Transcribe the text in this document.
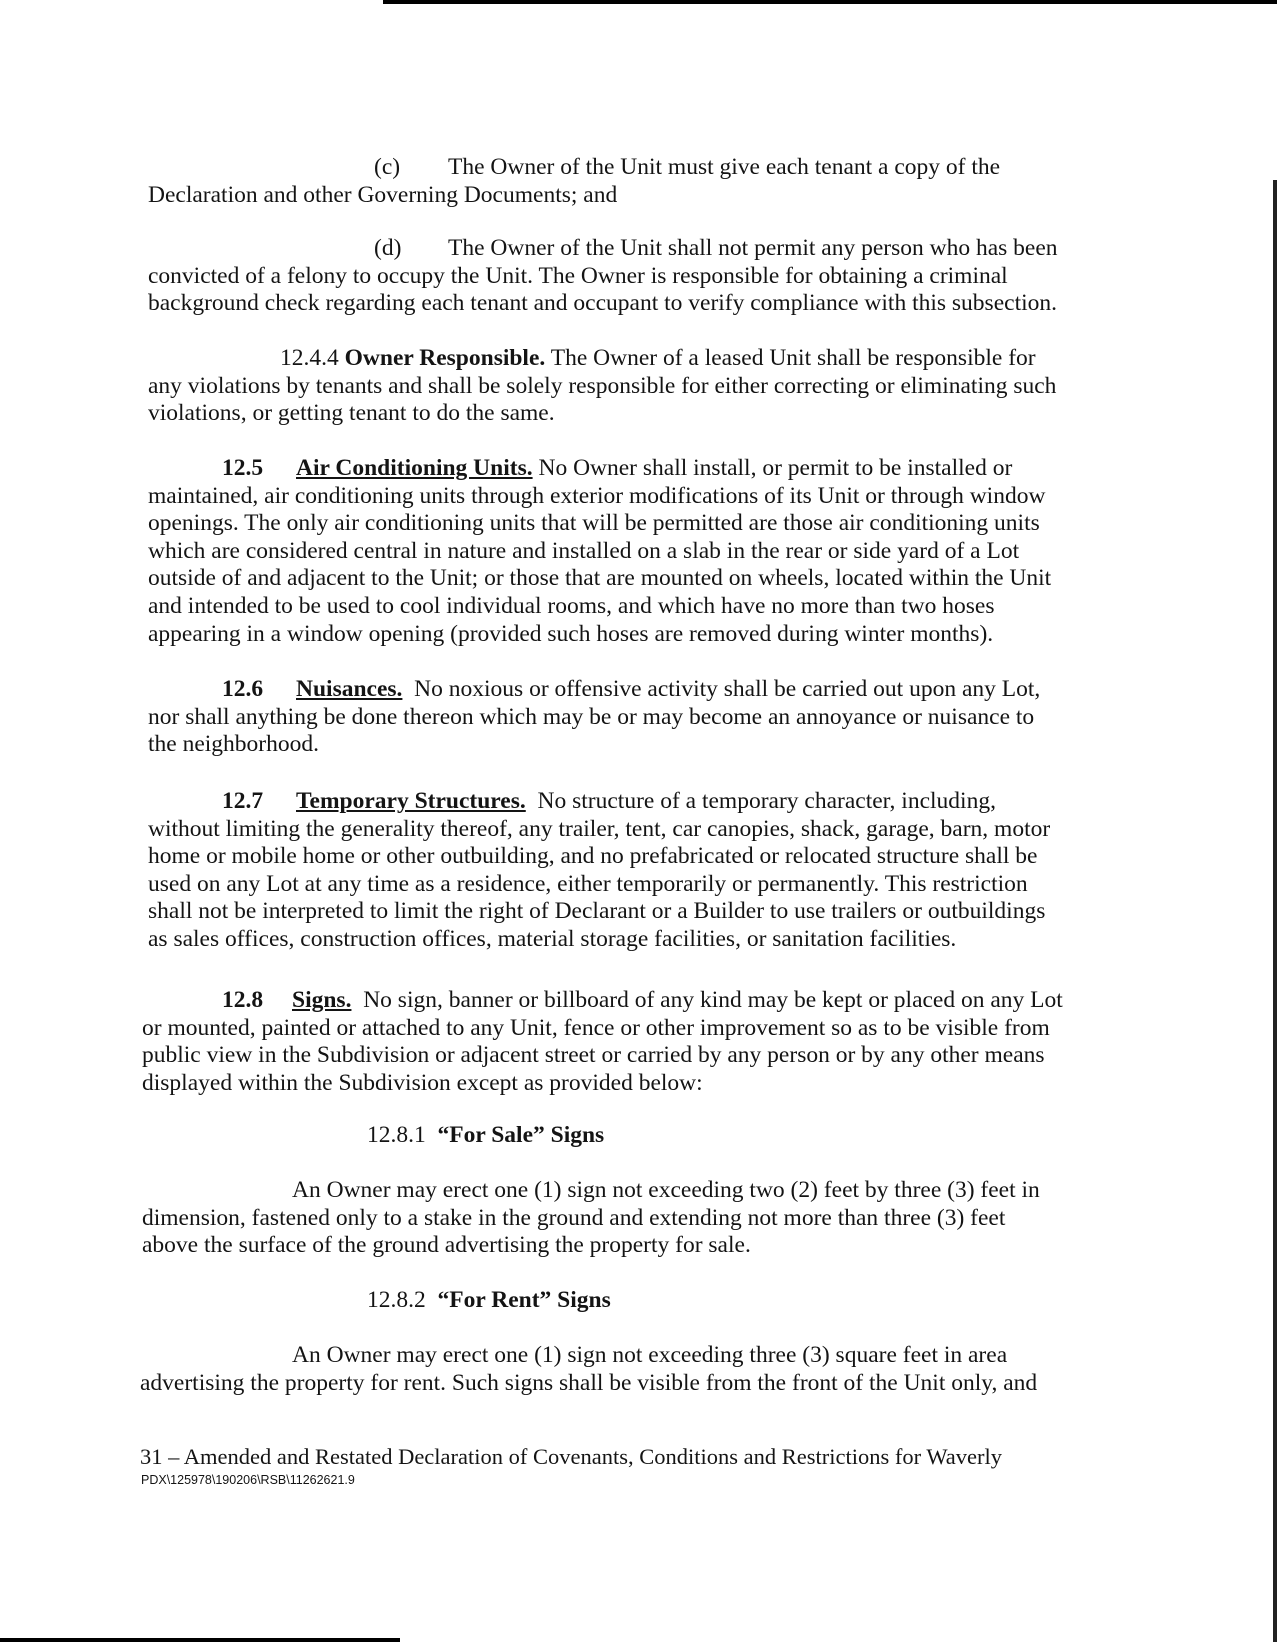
(c) The Owner of the Unit must give each tenant a copy of the
Declaration and other Governing Documents; and
(d) The Owner of the Unit shall not permit any person who has been
convicted of a felony to occupy the Unit. The Owner is responsible for obtaining a criminal
background check regarding each tenant and occupant to verify compliance with this subsection.
12.4.4 Owner Responsible. The Owner of a leased Unit shall be responsible for
any violations by tenants and shall be solely responsible for either correcting or eliminating such
violations, or getting tenant to do the same.
12.5 Air Conditioning Units. No Owner shall install, or permit to be installed or
maintained, air conditioning units through exterior modifications of its Unit or through window
openings. The only air conditioning units that will be permitted are those air conditioning units
which are considered central in nature and installed on a slab in the rear or side yard of a Lot
outside of and adjacent to the Unit; or those that are mounted on wheels, located within the Unit
and intended to be used to cool individual rooms, and which have no more than two hoses
appearing in a window opening (provided such hoses are removed during winter months).
12.6 Nuisances. No noxious or offensive activity shall be carried out upon any Lot,
nor shall anything be done thereon which may be or may become an annoyance or nuisance to
the neighborhood.
12.7 Temporary Structures. No structure of a temporary character, including,
without limiting the generality thereof, any trailer, tent, car canopies, shack, garage, barn, motor
home or mobile home or other outbuilding, and no prefabricated or relocated structure shall be
used on any Lot at any time as a residence, either temporarily or permanently. This restriction
shall not be interpreted to limit the right of Declarant or a Builder to use trailers or outbuildings
as sales offices, construction offices, material storage facilities, or sanitation facilities.
12.8 Signs. No sign, banner or billboard of any kind may be kept or placed on any Lot
or mounted, painted or attached to any Unit, fence or other improvement so as to be visible from
public view in the Subdivision or adjacent street or carried by any person or by any other means
displayed within the Subdivision except as provided below:
12.8.1 “For Sale” Signs
An Owner may erect one (1) sign not exceeding two (2) feet by three (3) feet in
dimension, fastened only to a stake in the ground and extending not more than three (3) feet
above the surface of the ground advertising the property for sale.
12.8.2 “For Rent” Signs
An Owner may erect one (1) sign not exceeding three (3) square feet in area
advertising the property for rent. Such signs shall be visible from the front of the Unit only, and
31 – Amended and Restated Declaration of Covenants, Conditions and Restrictions for Waverly
PDX\125978\190206\RSB\11262621.9
